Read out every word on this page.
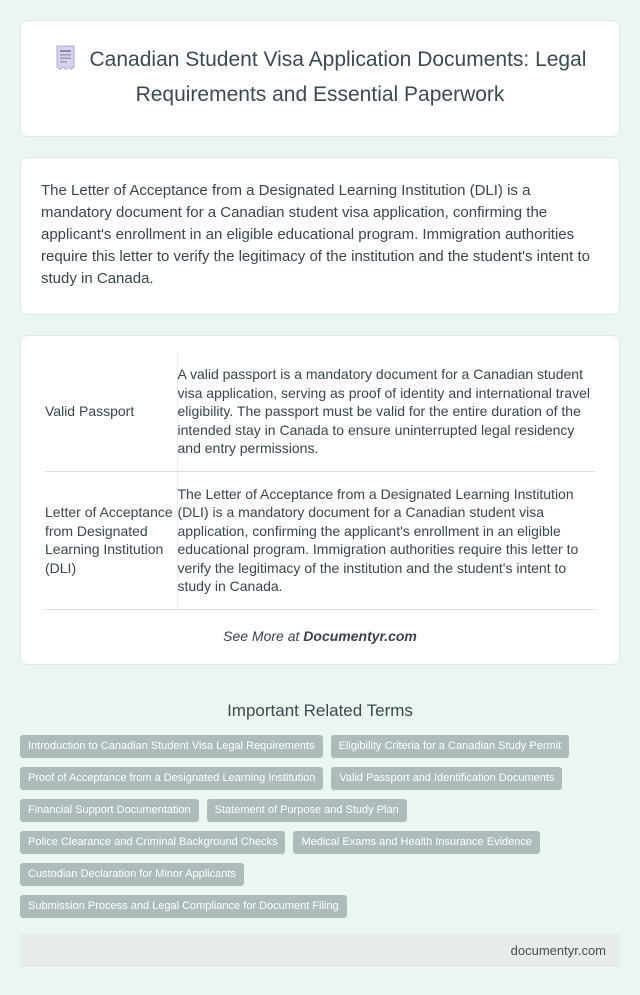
Canadian Student Visa Application Documents: Legal Requirements and Essential Paperwork

The Letter of Acceptance from a Designated Learning Institution (DLI) is a mandatory document for a Canadian student visa application, confirming the applicant's enrollment in an eligible educational program. Immigration authorities require this letter to verify the legitimacy of the institution and the student's intent to study in Canada.

Valid Passport	A valid passport is a mandatory document for a Canadian student visa application, serving as proof of identity and international travel eligibility. The passport must be valid for the entire duration of the intended stay in Canada to ensure uninterrupted legal residency and entry permissions.
Letter of Acceptance from Designated Learning Institution (DLI)	The Letter of Acceptance from a Designated Learning Institution (DLI) is a mandatory document for a Canadian student visa application, confirming the applicant's enrollment in an eligible educational program. Immigration authorities require this letter to verify the legitimacy of the institution and the student's intent to study in Canada.
See More at Documentyr.com
Important Related Terms
Introduction to Canadian Student Visa Legal Requirements	Eligibility Criteria for a Canadian Study Permit
Proof of Acceptance from a Designated Learning Institution	Valid Passport and Identification Documents
Financial Support Documentation	Statement of Purpose and Study Plan
Police Clearance and Criminal Background Checks	Medical Exams and Health Insurance Evidence
Custodian Declaration for Minor Applicants
Submission Process and Legal Compliance for Document Filing
documentyr.com
